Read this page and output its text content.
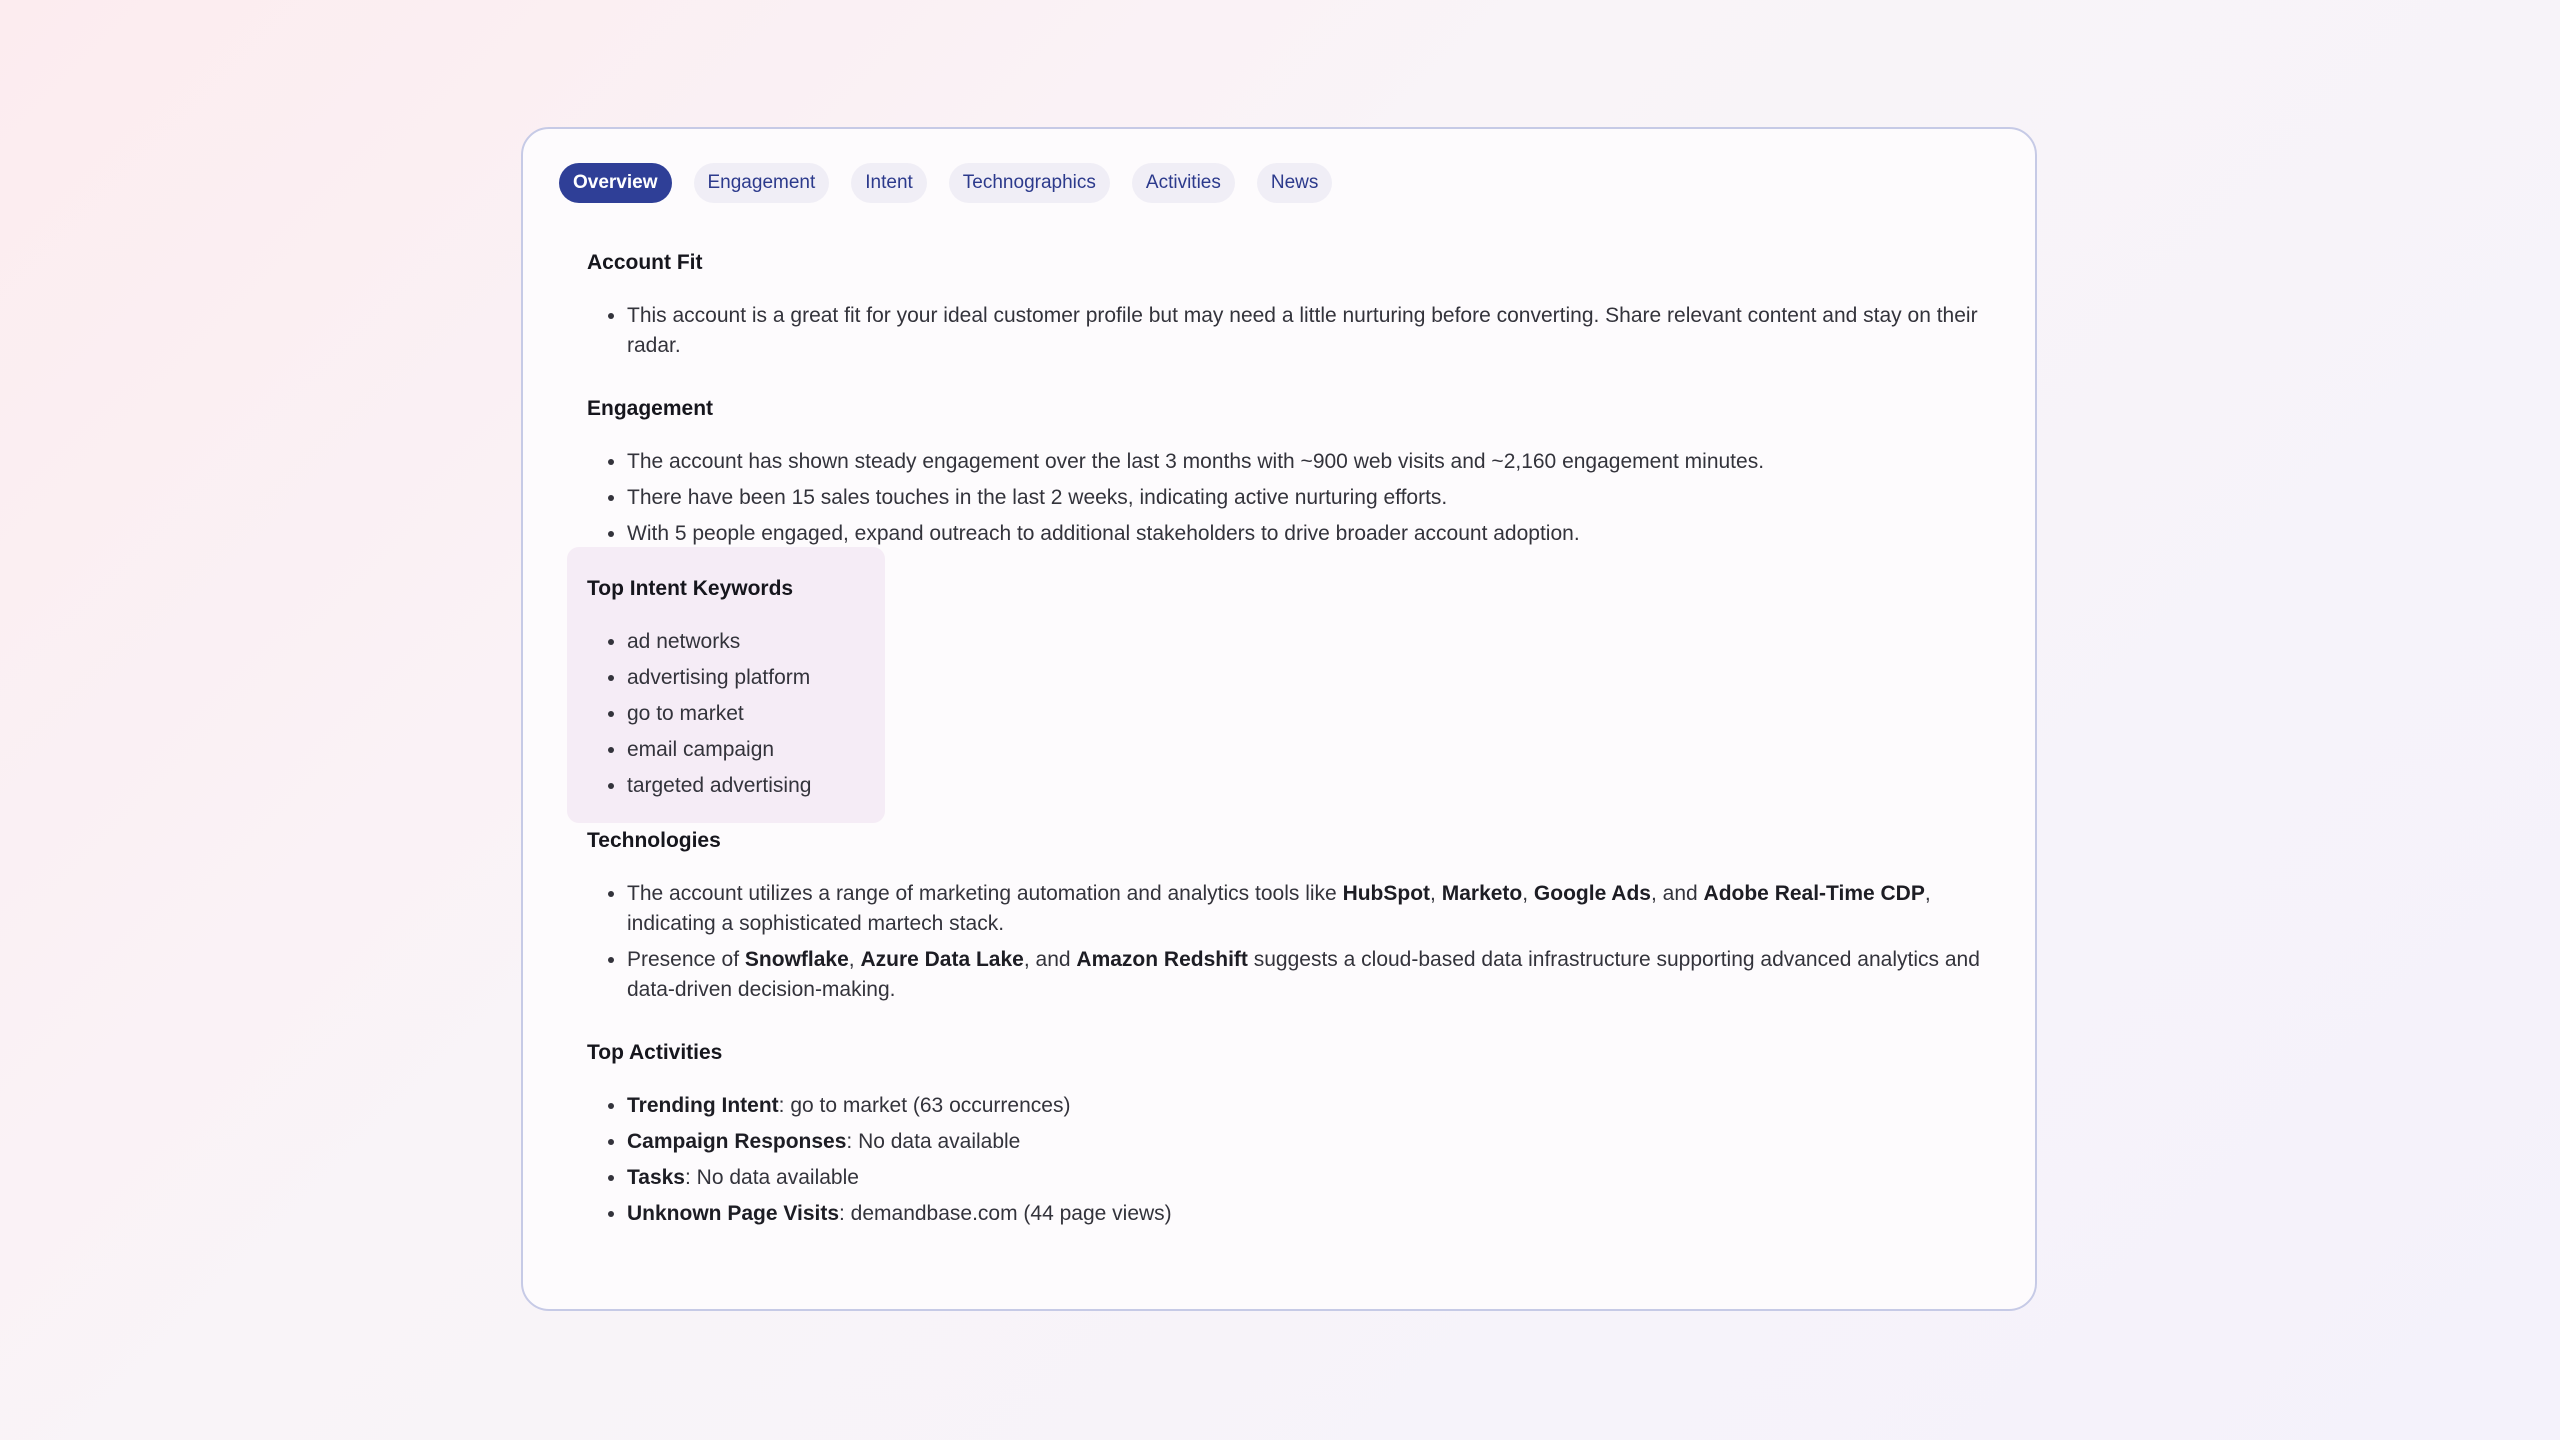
Overview	Engagement	Intent	Technographics	Activities	News
Account Fit
• This account is a great fit for your ideal customer profile but may need a little nurturing before converting. Share relevant content and stay on their radar.
Engagement
• The account has shown steady engagement over the last 3 months with ~900 web visits and ~2,160 engagement minutes.
• There have been 15 sales touches in the last 2 weeks, indicating active nurturing efforts.
• With 5 people engaged, expand outreach to additional stakeholders to drive broader account adoption.
Top Intent Keywords
• ad networks
• advertising platform
• go to market
• email campaign
• targeted advertising
Technologies
• The account utilizes a range of marketing automation and analytics tools like HubSpot, Marketo, Google Ads, and Adobe Real-Time CDP, indicating a sophisticated martech stack.
• Presence of Snowflake, Azure Data Lake, and Amazon Redshift suggests a cloud-based data infrastructure supporting advanced analytics and data-driven decision-making.
Top Activities
• Trending Intent: go to market (63 occurrences)
• Campaign Responses: No data available
• Tasks: No data available
• Unknown Page Visits: demandbase.com (44 page views)
